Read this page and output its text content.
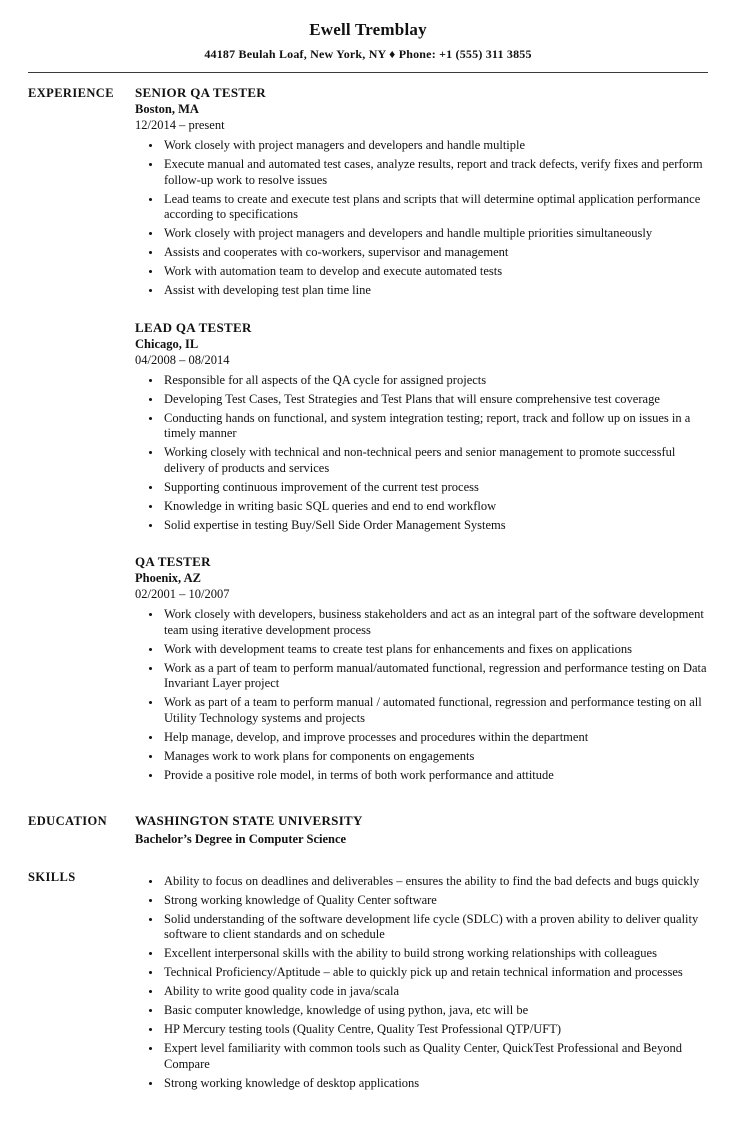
Ewell Tremblay
44187 Beulah Loaf, New York, NY ♦ Phone: +1 (555) 311 3855
EXPERIENCE	SENIOR QA TESTER
Boston, MA
12/2014 – present
• Work closely with project managers and developers and handle multiple
• Execute manual and automated test cases, analyze results, report and track defects, verify fixes and perform follow-up work to resolve issues
• Lead teams to create and execute test plans and scripts that will determine optimal application performance according to specifications
• Work closely with project managers and developers and handle multiple priorities simultaneously
• Assists and cooperates with co-workers, supervisor and management
• Work with automation team to develop and execute automated tests
• Assist with developing test plan time line
LEAD QA TESTER
Chicago, IL
04/2008 – 08/2014
• Responsible for all aspects of the QA cycle for assigned projects
• Developing Test Cases, Test Strategies and Test Plans that will ensure comprehensive test coverage
• Conducting hands on functional, and system integration testing; report, track and follow up on issues in a timely manner
• Working closely with technical and non-technical peers and senior management to promote successful delivery of products and services
• Supporting continuous improvement of the current test process
• Knowledge in writing basic SQL queries and end to end workflow
• Solid expertise in testing Buy/Sell Side Order Management Systems
QA TESTER
Phoenix, AZ
02/2001 – 10/2007
• Work closely with developers, business stakeholders and act as an integral part of the software development team using iterative development process
• Work with development teams to create test plans for enhancements and fixes on applications
• Work as a part of team to perform manual/automated functional, regression and performance testing on Data Invariant Layer project
• Work as part of a team to perform manual / automated functional, regression and performance testing on all Utility Technology systems and projects
• Help manage, develop, and improve processes and procedures within the department
• Manages work to work plans for components on engagements
• Provide a positive role model, in terms of both work performance and attitude
EDUCATION	WASHINGTON STATE UNIVERSITY
Bachelor’s Degree in Computer Science
SKILLS	• Ability to focus on deadlines and deliverables – ensures the ability to find the bad defects and bugs quickly
• Strong working knowledge of Quality Center software
• Solid understanding of the software development life cycle (SDLC) with a proven ability to deliver quality software to client standards and on schedule
• Excellent interpersonal skills with the ability to build strong working relationships with colleagues
• Technical Proficiency/Aptitude – able to quickly pick up and retain technical information and processes
• Ability to write good quality code in java/scala
• Basic computer knowledge, knowledge of using python, java, etc will be
• HP Mercury testing tools (Quality Centre, Quality Test Professional QTP/UFT)
• Expert level familiarity with common tools such as Quality Center, QuickTest Professional and Beyond Compare
• Strong working knowledge of desktop applications
